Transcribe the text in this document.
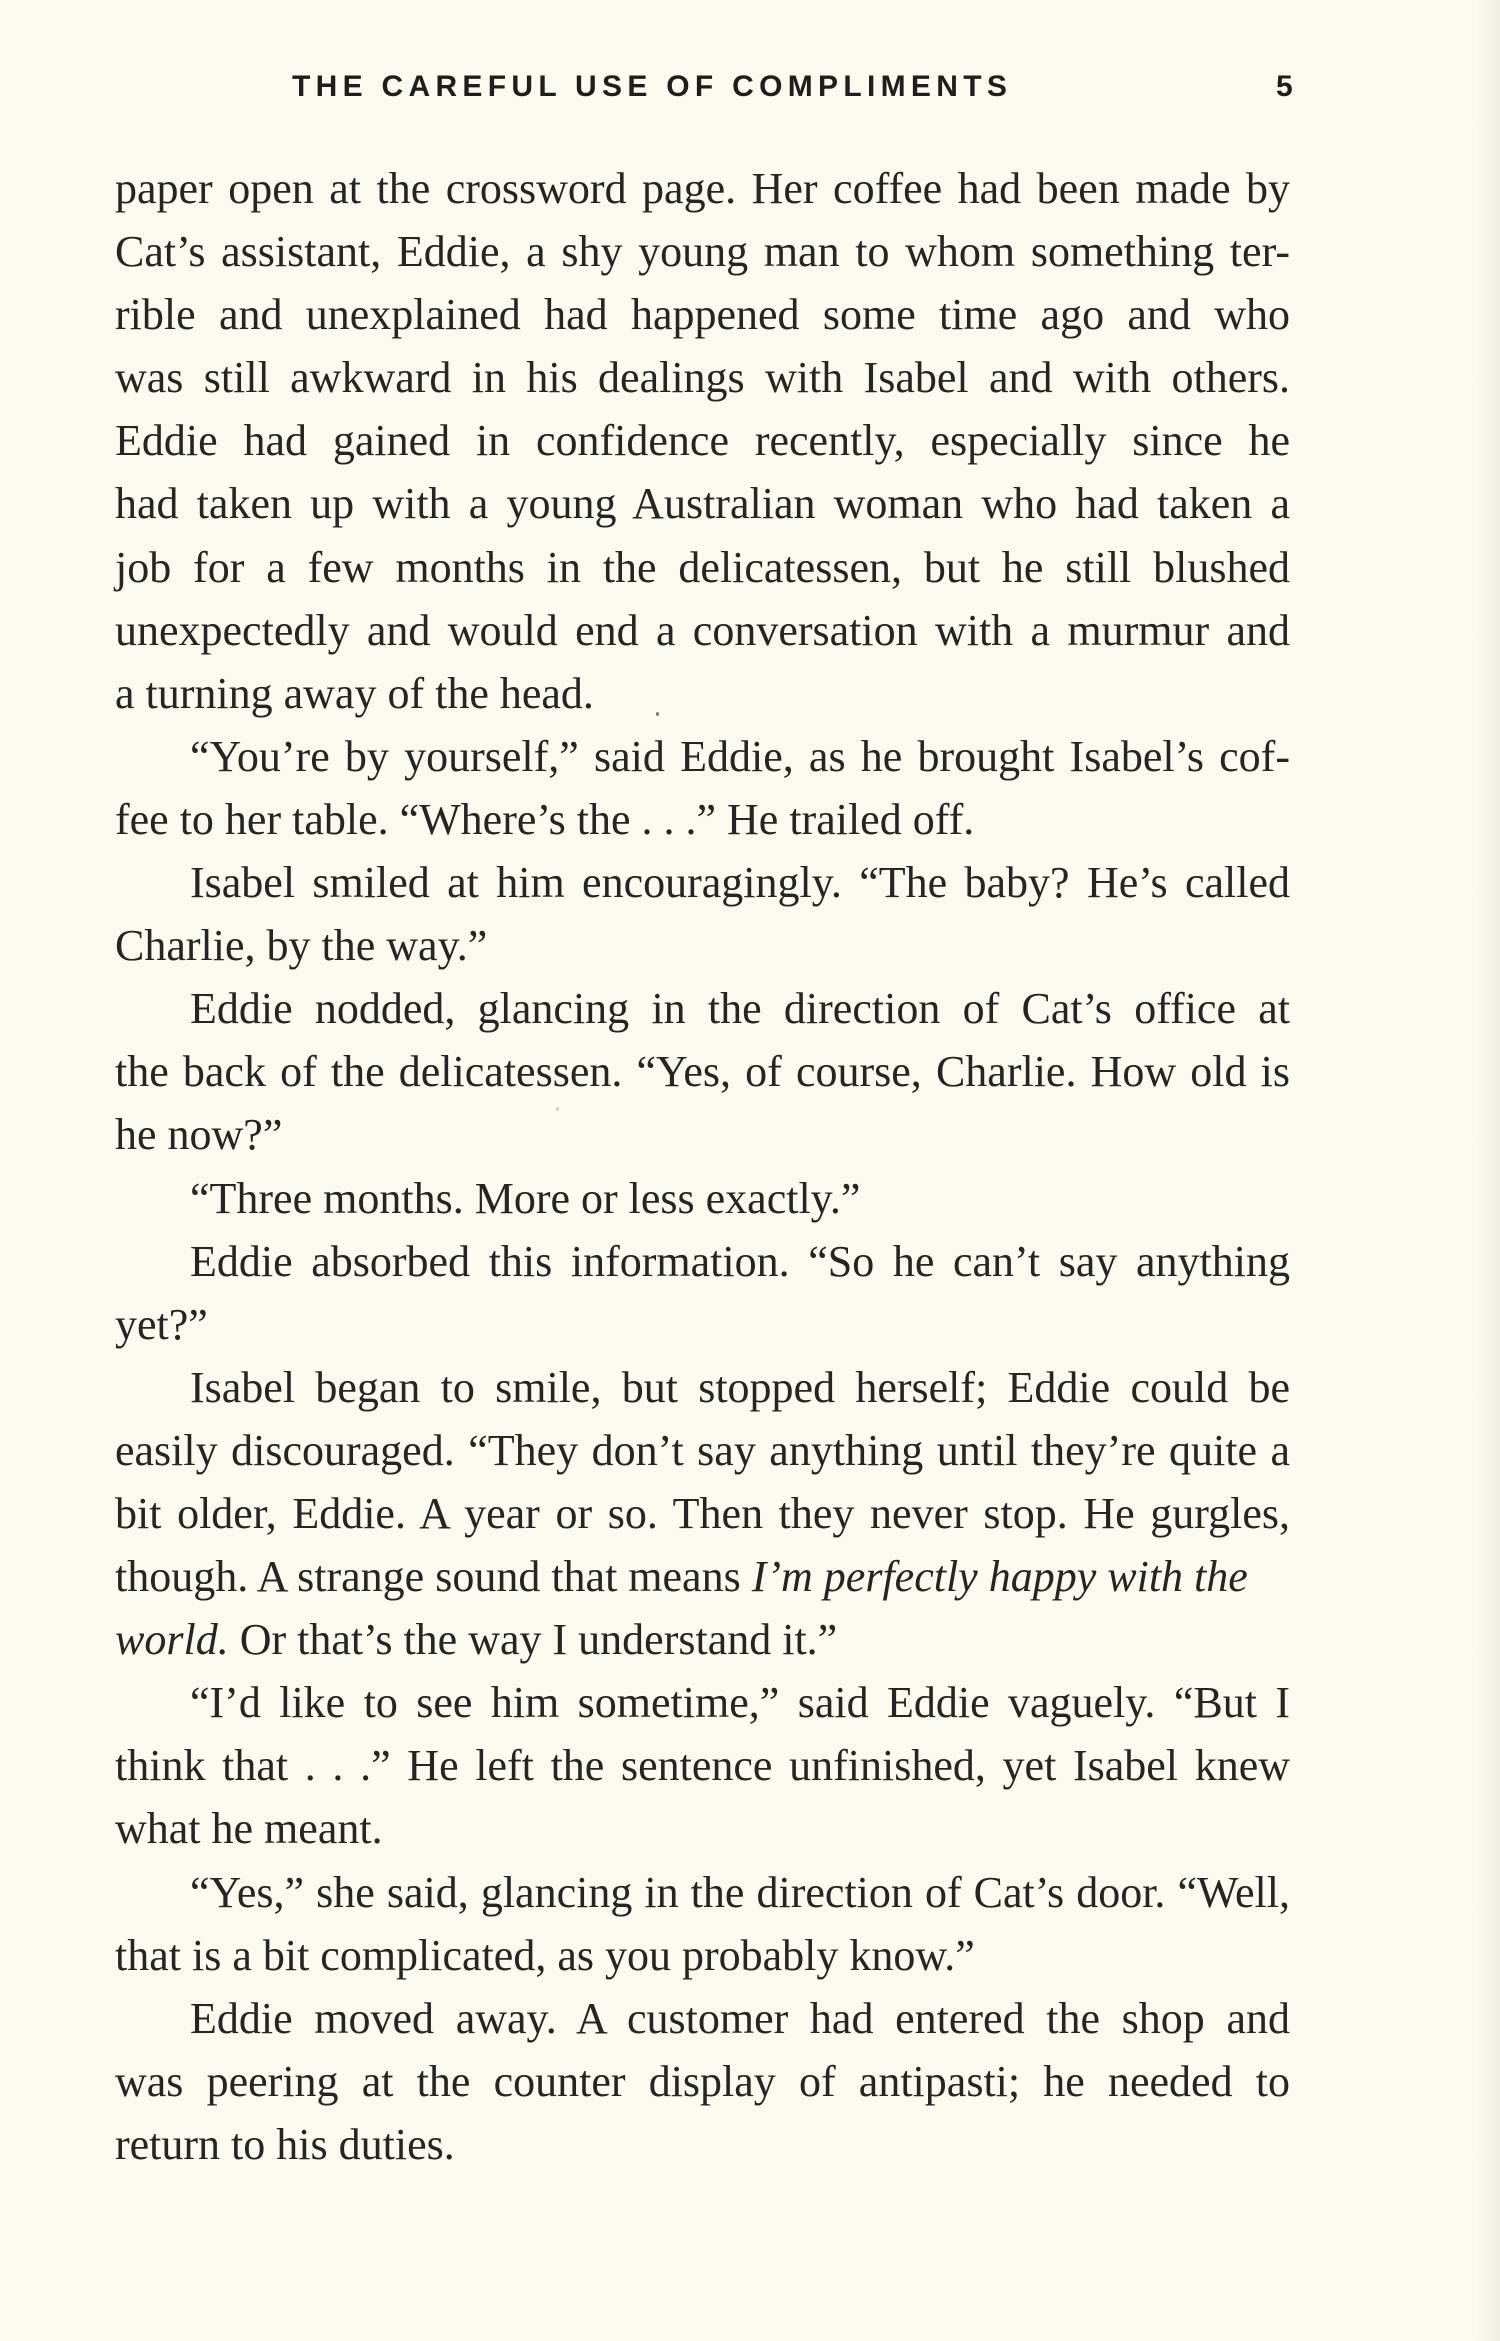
THE CAREFUL USE OF COMPLIMENTS	5
paper open at the crossword page. Her coffee had been made by
Cat’s assistant, Eddie, a shy young man to whom something ter-
rible and unexplained had happened some time ago and who
was still awkward in his dealings with Isabel and with others.
Eddie had gained in confidence recently, especially since he
had taken up with a young Australian woman who had taken a
job for a few months in the delicatessen, but he still blushed
unexpectedly and would end a conversation with a murmur and
a turning away of the head.
“You’re by yourself,” said Eddie, as he brought Isabel’s cof-
fee to her table. “Where’s the . . .” He trailed off.
Isabel smiled at him encouragingly. “The baby? He’s called
Charlie, by the way.”
Eddie nodded, glancing in the direction of Cat’s office at
the back of the delicatessen. “Yes, of course, Charlie. How old is
he now?”
“Three months. More or less exactly.”
Eddie absorbed this information. “So he can’t say anything
yet?”
Isabel began to smile, but stopped herself; Eddie could be
easily discouraged. “They don’t say anything until they’re quite a
bit older, Eddie. A year or so. Then they never stop. He gurgles,
though. A strange sound that means I’m perfectly happy with the
world. Or that’s the way I understand it.”
“I’d like to see him sometime,” said Eddie vaguely. “But I
think that . . .” He left the sentence unfinished, yet Isabel knew
what he meant.
“Yes,” she said, glancing in the direction of Cat’s door. “Well,
that is a bit complicated, as you probably know.”
Eddie moved away. A customer had entered the shop and
was peering at the counter display of antipasti; he needed to
return to his duties.
